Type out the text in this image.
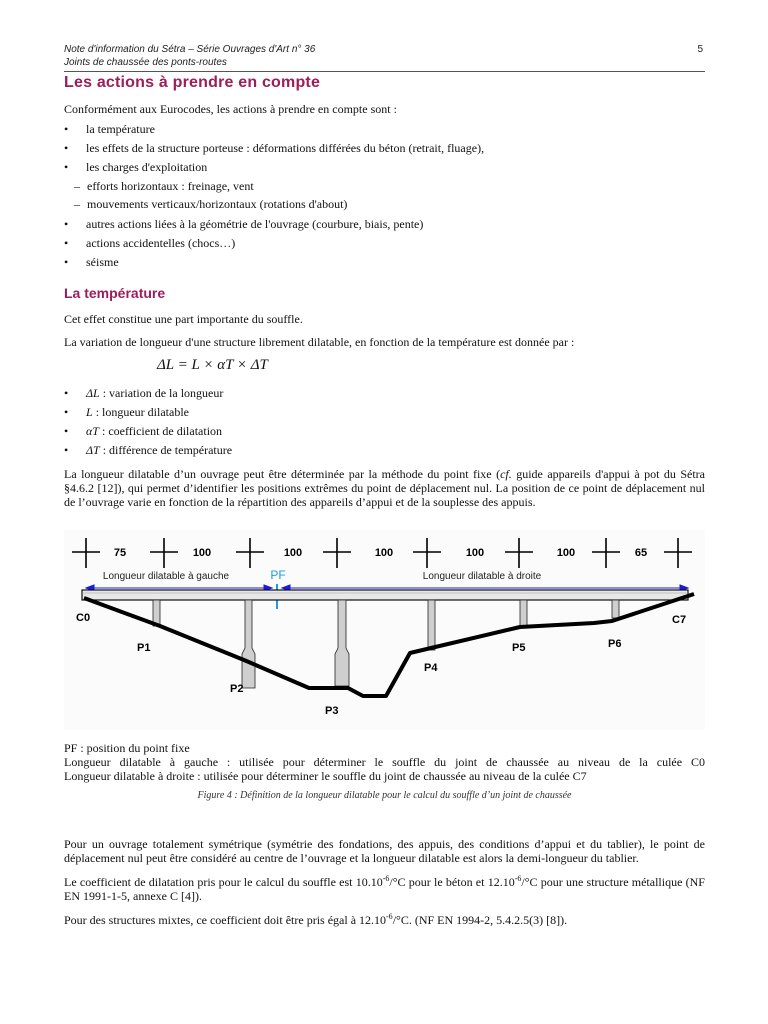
Note d'information du Sétra – Série Ouvrages d'Art n° 36
Joints de chaussée des ponts-routes
5
Les actions à prendre en compte
Conformément aux Eurocodes, les actions à prendre en compte sont :
• la température
• les effets de la structure porteuse : déformations différées du béton (retrait, fluage),
• les charges d'exploitation
– efforts horizontaux : freinage, vent
– mouvements verticaux/horizontaux (rotations d'about)
• autres actions liées à la géométrie de l'ouvrage (courbure, biais, pente)
• actions accidentelles (chocs…)
• séisme
La température
Cet effet constitue une part importante du souffle.
La variation de longueur d'une structure librement dilatable, en fonction de la température est donnée par :
ΔL = L × αT × ΔT
• ΔL : variation de la longueur
• L : longueur dilatable
• αT : coefficient de dilatation
• ΔT : différence de température
La longueur dilatable d’un ouvrage peut être déterminée par la méthode du point fixe (cf. guide appareils d'appui à pot du Sétra §4.6.2 [12]), qui permet d’identifier les positions extrêmes du point de déplacement nul. La position de ce point de déplacement nul de l’ouvrage varie en fonction de la répartition des appareils d’appui et de la souplesse des appuis.
75	100	100	100	100	100	65
Longueur dilatable à gauche	Longueur dilatable à droite
PF
C0
P1
P2
P3
P4
P5	P6
C7
PF : position du point fixe
Longueur dilatable à gauche : utilisée pour déterminer le souffle du joint de chaussée au niveau de la culée C0
Longueur dilatable à droite : utilisée pour déterminer le souffle du joint de chaussée au niveau de la culée C7
Figure 4 : Définition de la longueur dilatable pour le calcul du souffle d’un joint de chaussée
Pour un ouvrage totalement symétrique (symétrie des fondations, des appuis, des conditions d’appui et du tablier), le point de déplacement nul peut être considéré au centre de l’ouvrage et la longueur dilatable est alors la demi-longueur du tablier.
Le coefficient de dilatation pris pour le calcul du souffle est $10.10^{-6}/^\circ C$ pour le béton et $12.10^{-6}/^\circ C$ pour une structure métallique (NF EN 1991-1-5, annexe C [4]).
Pour des structures mixtes, ce coefficient doit être pris égal à $12.10^{-6}/^\circ C$. (NF EN 1994-2, 5.4.2.5(3) [8]).
